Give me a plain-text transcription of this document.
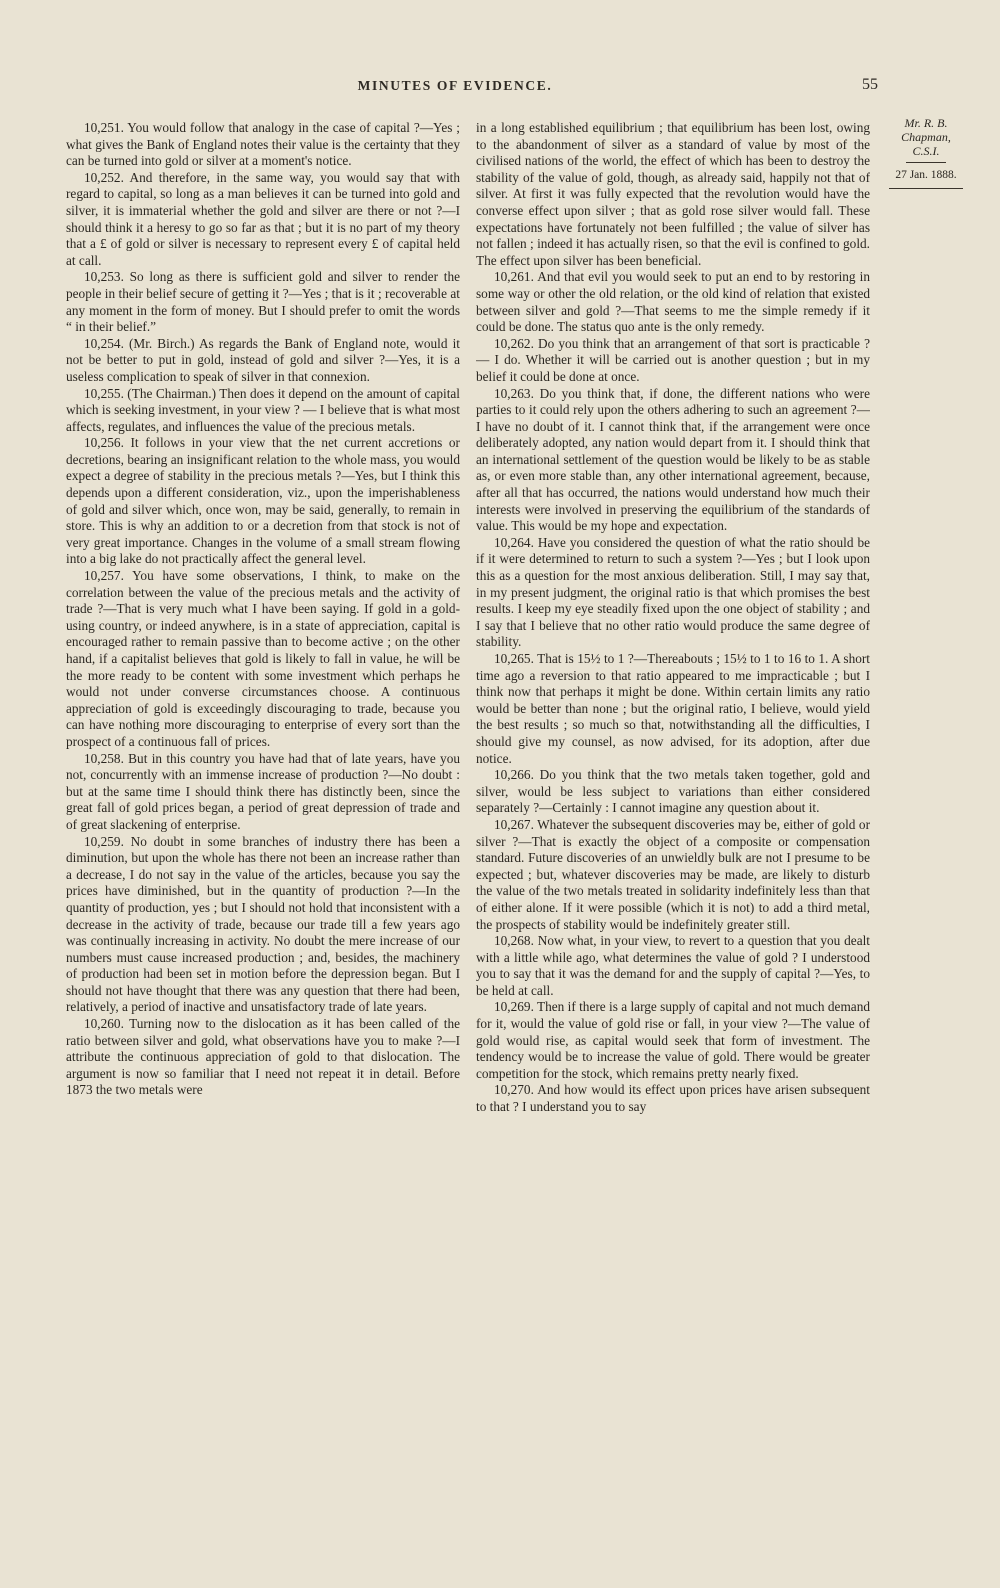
MINUTES OF EVIDENCE.	55

10,251. You would follow that analogy in the case of capital ?—Yes ; what gives the Bank of England notes their value is the certainty that they can be turned into gold or silver at a moment's notice.

10,252. And therefore, in the same way, you would say that with regard to capital, so long as a man believes it can be turned into gold and silver, it is immaterial whether the gold and silver are there or not ?—I should think it a heresy to go so far as that ; but it is no part of my theory that a £ of gold or silver is necessary to represent every £ of capital held at call.

10,253. So long as there is sufficient gold and silver to render the people in their belief secure of getting it ?—Yes ; that is it ; recoverable at any moment in the form of money. But I should prefer to omit the words “ in their belief.”

10,254. (Mr. Birch.) As regards the Bank of England note, would it not be better to put in gold, instead of gold and silver ?—Yes, it is a useless complication to speak of silver in that connexion.

10,255. (The Chairman.) Then does it depend on the amount of capital which is seeking investment, in your view ? — I believe that is what most affects, regulates, and influences the value of the precious metals.

10,256. It follows in your view that the net current accretions or decretions, bearing an insignificant relation to the whole mass, you would expect a degree of stability in the precious metals ?—Yes, but I think this depends upon a different consideration, viz., upon the imperishableness of gold and silver which, once won, may be said, generally, to remain in store. This is why an addition to or a decretion from that stock is not of very great importance. Changes in the volume of a small stream flowing into a big lake do not practically affect the general level.

10,257. You have some observations, I think, to make on the correlation between the value of the precious metals and the activity of trade ?—That is very much what I have been saying. If gold in a gold-using country, or indeed anywhere, is in a state of appreciation, capital is encouraged rather to remain passive than to become active ; on the other hand, if a capitalist believes that gold is likely to fall in value, he will be the more ready to be content with some investment which perhaps he would not under converse circumstances choose. A continuous appreciation of gold is exceedingly discouraging to trade, because you can have nothing more discouraging to enterprise of every sort than the prospect of a continuous fall of prices.

10,258. But in this country you have had that of late years, have you not, concurrently with an immense increase of production ?—No doubt : but at the same time I should think there has distinctly been, since the great fall of gold prices began, a period of great depression of trade and of great slackening of enterprise.

10,259. No doubt in some branches of industry there has been a diminution, but upon the whole has there not been an increase rather than a decrease, I do not say in the value of the articles, because you say the prices have diminished, but in the quantity of production ?—In the quantity of production, yes ; but I should not hold that inconsistent with a decrease in the activity of trade, because our trade till a few years ago was continually increasing in activity. No doubt the mere increase of our numbers must cause increased production ; and, besides, the machinery of production had been set in motion before the depression began. But I should not have thought that there was any question that there had been, relatively, a period of inactive and unsatisfactory trade of late years.

10,260. Turning now to the dislocation as it has been called of the ratio between silver and gold, what observations have you to make ?—I attribute the continuous appreciation of gold to that dislocation. The argument is now so familiar that I need not repeat it in detail. Before 1873 the two metals were

in a long established equilibrium ; that equilibrium has been lost, owing to the abandonment of silver as a standard of value by most of the civilised nations of the world, the effect of which has been to destroy the stability of the value of gold, though, as already said, happily not that of silver. At first it was fully expected that the revolution would have the converse effect upon silver ; that as gold rose silver would fall. These expectations have fortunately not been fulfilled ; the value of silver has not fallen ; indeed it has actually risen, so that the evil is confined to gold. The effect upon silver has been beneficial.

10,261. And that evil you would seek to put an end to by restoring in some way or other the old relation, or the old kind of relation that existed between silver and gold ?—That seems to me the simple remedy if it could be done. The status quo ante is the only remedy.

10,262. Do you think that an arrangement of that sort is practicable ? — I do. Whether it will be carried out is another question ; but in my belief it could be done at once.

10,263. Do you think that, if done, the different nations who were parties to it could rely upon the others adhering to such an agreement ?—I have no doubt of it. I cannot think that, if the arrangement were once deliberately adopted, any nation would depart from it. I should think that an international settlement of the question would be likely to be as stable as, or even more stable than, any other international agreement, because, after all that has occurred, the nations would understand how much their interests were involved in preserving the equilibrium of the standards of value. This would be my hope and expectation.

10,264. Have you considered the question of what the ratio should be if it were determined to return to such a system ?—Yes ; but I look upon this as a question for the most anxious deliberation. Still, I may say that, in my present judgment, the original ratio is that which promises the best results. I keep my eye steadily fixed upon the one object of stability ; and I say that I believe that no other ratio would produce the same degree of stability.

10,265. That is 15½ to 1 ?—Thereabouts ; 15½ to 1 to 16 to 1. A short time ago a reversion to that ratio appeared to me impracticable ; but I think now that perhaps it might be done. Within certain limits any ratio would be better than none ; but the original ratio, I believe, would yield the best results ; so much so that, notwithstanding all the difficulties, I should give my counsel, as now advised, for its adoption, after due notice.

10,266. Do you think that the two metals taken together, gold and silver, would be less subject to variations than either considered separately ?—Certainly : I cannot imagine any question about it.

10,267. Whatever the subsequent discoveries may be, either of gold or silver ?—That is exactly the object of a composite or compensation standard. Future discoveries of an unwieldly bulk are not I presume to be expected ; but, whatever discoveries may be made, are likely to disturb the value of the two metals treated in solidarity indefinitely less than that of either alone. If it were possible (which it is not) to add a third metal, the prospects of stability would be indefinitely greater still.

10,268. Now what, in your view, to revert to a question that you dealt with a little while ago, what determines the value of gold ? I understood you to say that it was the demand for and the supply of capital ?—Yes, to be held at call.

10,269. Then if there is a large supply of capital and not much demand for it, would the value of gold rise or fall, in your view ?—The value of gold would rise, as capital would seek that form of investment. The tendency would be to increase the value of gold. There would be greater competition for the stock, which remains pretty nearly fixed.

10,270. And how would its effect upon prices have arisen subsequent to that ? I understand you to say

Mr. R. B.
Chapman,
C.S.I.
27 Jan. 1888.
